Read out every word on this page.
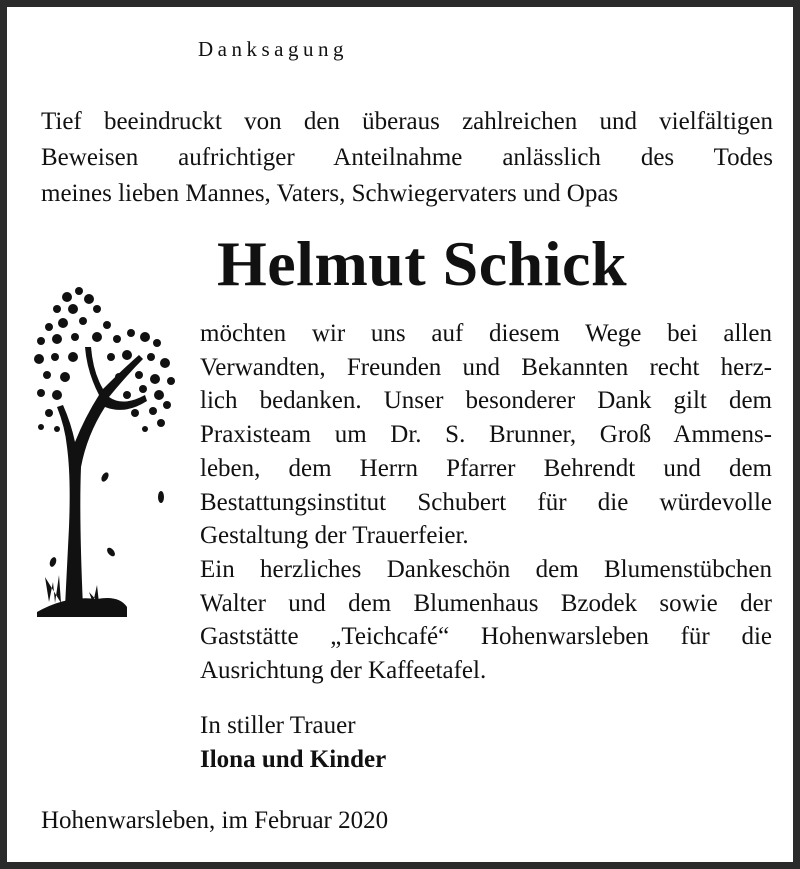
Danksagung
Tief beeindruckt von den überaus zahlreichen und vielfältigen
Beweisen aufrichtiger Anteilnahme anlässlich des Todes
meines lieben Mannes, Vaters, Schwiegervaters und Opas
Helmut Schick
möchten wir uns auf diesem Wege bei allen
Verwandten, Freunden und Bekannten recht herz-
lich bedanken. Unser besonderer Dank gilt dem
Praxisteam um Dr. S. Brunner, Groß Ammens-
leben, dem Herrn Pfarrer Behrendt und dem
Bestattungsinstitut Schubert für die würdevolle
Gestaltung der Trauerfeier.
Ein herzliches Dankeschön dem Blumenstübchen
Walter und dem Blumenhaus Bzodek sowie der
Gaststätte „Teichcafé“ Hohenwarsleben für die
Ausrichtung der Kaffeetafel.
In stiller Trauer
Ilona und Kinder
Hohenwarsleben, im Februar 2020
